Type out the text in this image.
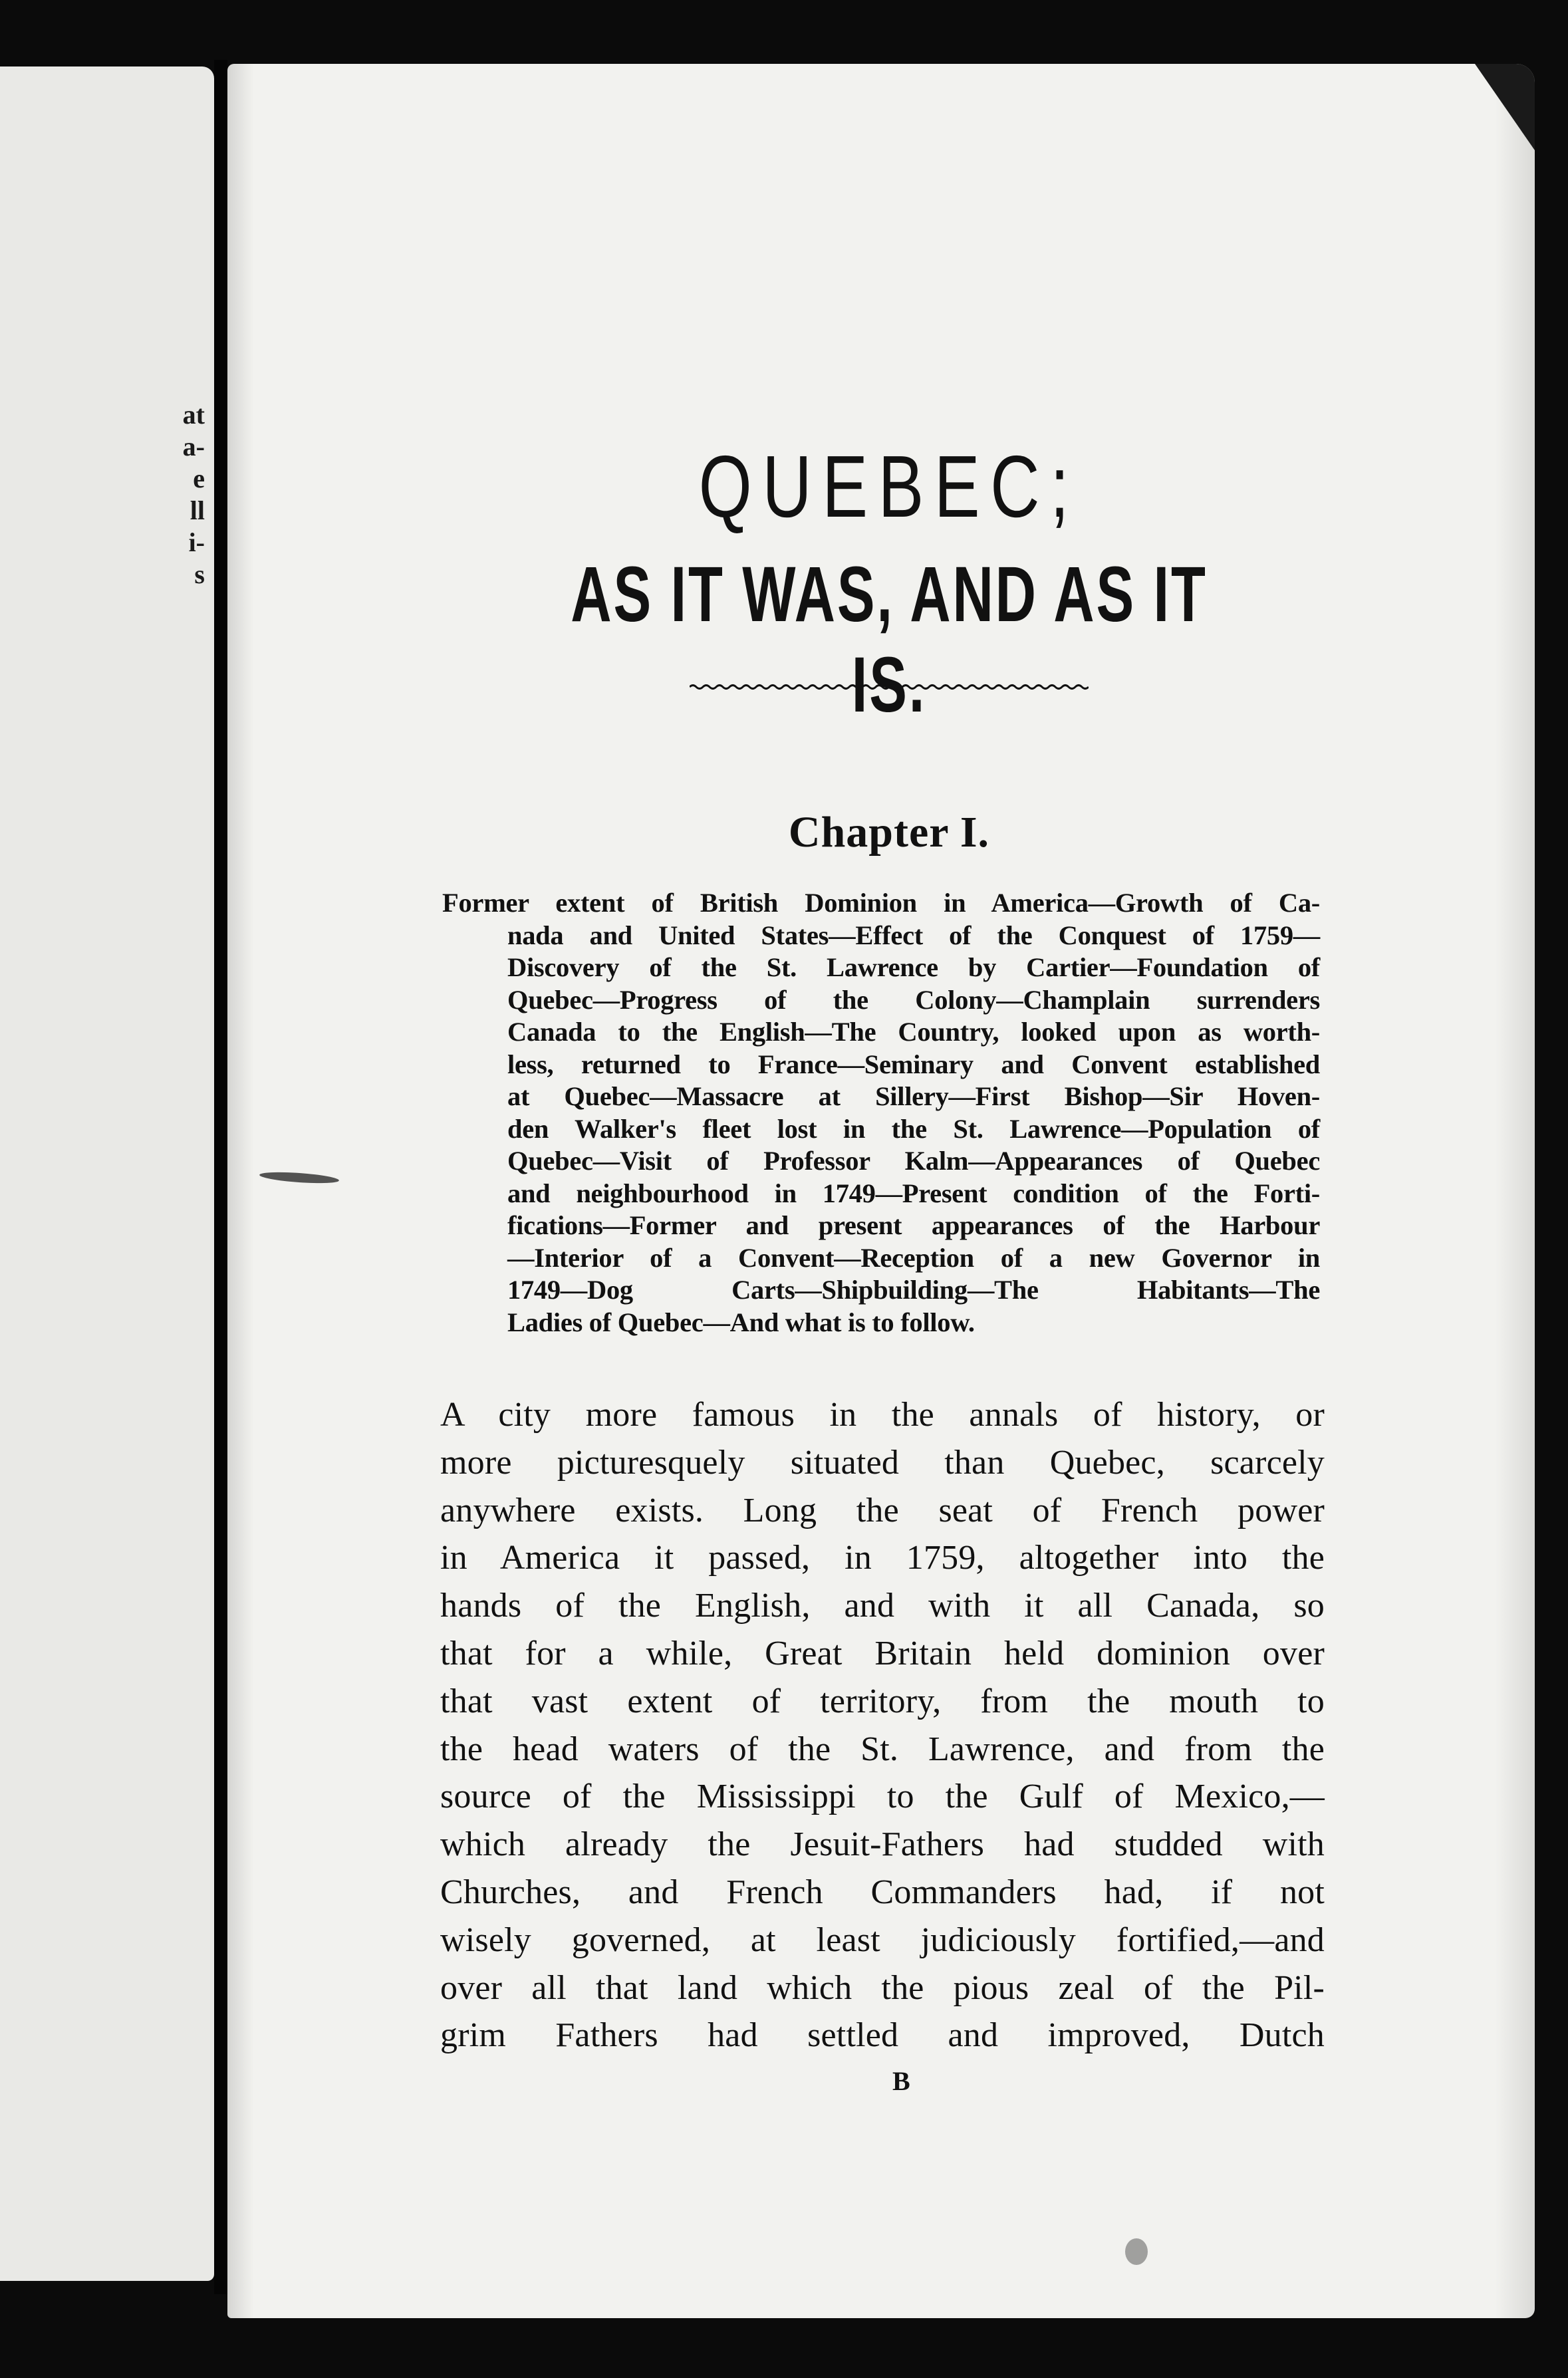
at
a-
e
ll
i-
s
QUEBEC;
AS IT WAS, AND AS IT IS.
Chapter I.
Former extent of British Dominion in America—Growth of Ca-
nada and United States—Effect of the Conquest of 1759—
Discovery of the St. Lawrence by Cartier—Foundation of
Quebec—Progress of the Colony—Champlain surrenders
Canada to the English—The Country, looked upon as worth-
less, returned to France—Seminary and Convent established
at Quebec—Massacre at Sillery—First Bishop—Sir Hoven-
den Walker's fleet lost in the St. Lawrence—Population of
Quebec—Visit of Professor Kalm—Appearances of Quebec
and neighbourhood in 1749—Present condition of the Forti-
fications—Former and present appearances of the Harbour
—Interior of a Convent—Reception of a new Governor in
1749—Dog Carts—Shipbuilding—The Habitants—The
Ladies of Quebec—And what is to follow.
A city more famous in the annals of history, or
more picturesquely situated than Quebec, scarcely
anywhere exists. Long the seat of French power
in America it passed, in 1759, altogether into the
hands of the English, and with it all Canada, so
that for a while, Great Britain held dominion over
that vast extent of territory, from the mouth to
the head waters of the St. Lawrence, and from the
source of the Mississippi to the Gulf of Mexico,—
which already the Jesuit-Fathers had studded with
Churches, and French Commanders had, if not
wisely governed, at least judiciously fortified,—and
over all that land which the pious zeal of the Pil-
grim Fathers had settled and improved, Dutch
B
